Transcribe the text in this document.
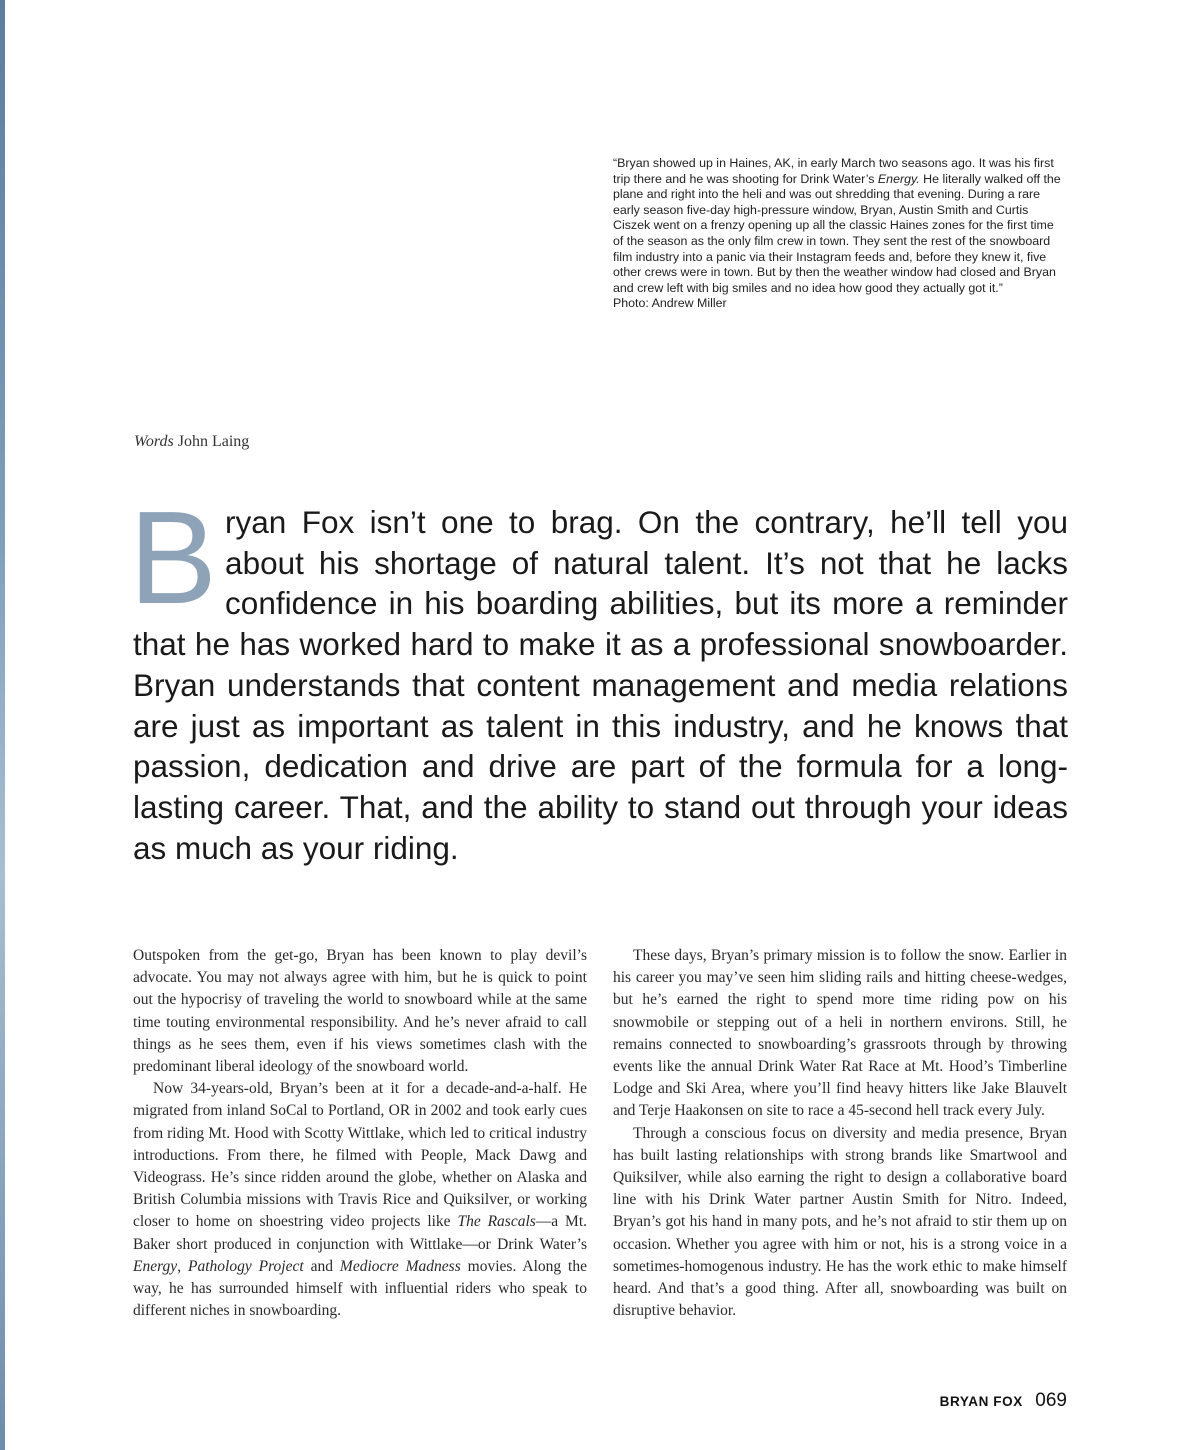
“Bryan showed up in Haines, AK, in early March two seasons ago. It was his first trip there and he was shooting for Drink Water’s Energy. He literally walked off the plane and right into the heli and was out shredding that evening. During a rare early season five-day high-pressure window, Bryan, Austin Smith and Curtis Ciszek went on a frenzy opening up all the classic Haines zones for the first time of the season as the only film crew in town. They sent the rest of the snowboard film industry into a panic via their Instagram feeds and, before they knew it, five other crews were in town. But by then the weather window had closed and Bryan and crew left with big smiles and no idea how good they actually got it.”

Photo: Andrew Miller

Words John Laing

Bryan Fox isn’t one to brag. On the contrary, he’ll tell you about his shortage of natural talent. It’s not that he lacks confidence in his boarding abilities, but its more a reminder that he has worked hard to make it as a professional snowboarder. Bryan understands that content management and media relations are just as important as talent in this industry, and he knows that passion, dedication and drive are part of the formula for a long-lasting career. That, and the ability to stand out through your ideas as much as your riding.

Outspoken from the get-go, Bryan has been known to play devil’s advocate. You may not always agree with him, but he is quick to point out the hypocrisy of traveling the world to snowboard while at the same time touting environmental responsibility. And he’s never afraid to call things as he sees them, even if his views sometimes clash with the predominant liberal ideology of the snowboard world.

Now 34-years-old, Bryan’s been at it for a decade-and-a-half. He migrated from inland SoCal to Portland, OR in 2002 and took early cues from riding Mt. Hood with Scotty Wittlake, which led to critical industry introductions. From there, he filmed with People, Mack Dawg and Videograss. He’s since ridden around the globe, whether on Alaska and British Columbia missions with Travis Rice and Quiksilver, or working closer to home on shoestring video projects like The Rascals—a Mt. Baker short produced in conjunction with Wittlake—or Drink Water’s Energy, Pathology Project and Mediocre Madness movies. Along the way, he has surrounded himself with influential riders who speak to different niches in snowboarding.

These days, Bryan’s primary mission is to follow the snow. Earlier in his career you may’ve seen him sliding rails and hitting cheese-wedges, but he’s earned the right to spend more time riding pow on his snowmobile or stepping out of a heli in northern environs. Still, he remains connected to snowboarding’s grassroots through by throwing events like the annual Drink Water Rat Race at Mt. Hood’s Timberline Lodge and Ski Area, where you’ll find heavy hitters like Jake Blauvelt and Terje Haakonsen on site to race a 45-second hell track every July.

Through a conscious focus on diversity and media presence, Bryan has built lasting relationships with strong brands like Smartwool and Quiksilver, while also earning the right to design a collaborative board line with his Drink Water partner Austin Smith for Nitro. Indeed, Bryan’s got his hand in many pots, and he’s not afraid to stir them up on occasion. Whether you agree with him or not, his is a strong voice in a sometimes-homogenous industry. He has the work ethic to make himself heard. And that’s a good thing. After all, snowboarding was built on disruptive behavior.

BRYAN FOX 069
